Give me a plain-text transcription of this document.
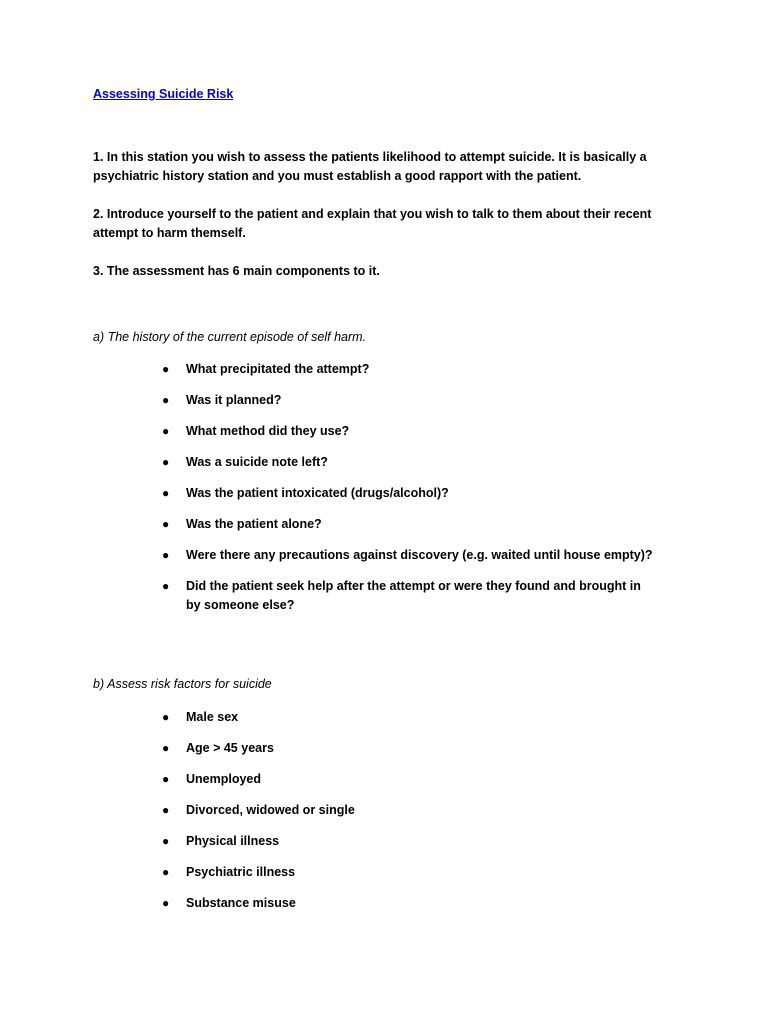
Assessing Suicide Risk
1. In this station you wish to assess the patients likelihood to attempt suicide. It is basically a psychiatric history station and you must establish a good rapport with the patient.
2. Introduce yourself to the patient and explain that you wish to talk to them about their recent attempt to harm themself.
3. The assessment has 6 main components to it.
a) The history of the current episode of self harm.
● What precipitated the attempt?
● Was it planned?
● What method did they use?
● Was a suicide note left?
● Was the patient intoxicated (drugs/alcohol)?
● Was the patient alone?
● Were there any precautions against discovery (e.g. waited until house empty)?
● Did the patient seek help after the attempt or were they found and brought in by someone else?
b) Assess risk factors for suicide
● Male sex
● Age > 45 years
● Unemployed
● Divorced, widowed or single
● Physical illness
● Psychiatric illness
● Substance misuse
